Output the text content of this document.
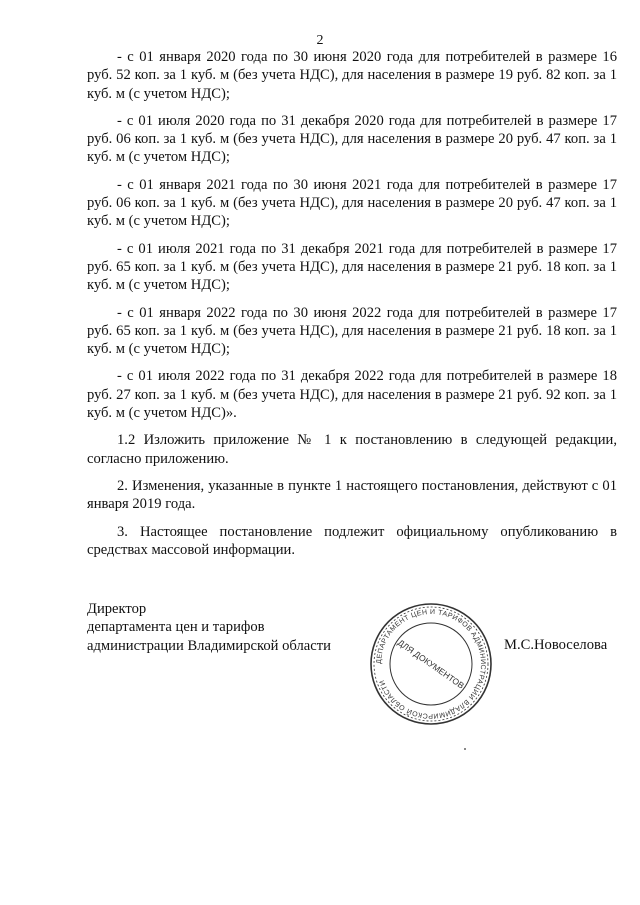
2

- с 01 января 2020 года по 30 июня 2020 года для потребителей в размере 16 руб. 52 коп. за 1 куб. м (без учета НДС), для населения в размере 19 руб. 82 коп. за 1 куб. м (с учетом НДС);

- с 01 июля 2020 года по 31 декабря 2020 года для потребителей в размере 17 руб. 06 коп. за 1 куб. м (без учета НДС), для населения в размере 20 руб. 47 коп. за 1 куб. м (с учетом НДС);

- с 01 января 2021 года по 30 июня 2021 года для потребителей в размере 17 руб. 06 коп. за 1 куб. м (без учета НДС), для населения в размере 20 руб. 47 коп. за 1 куб. м (с учетом НДС);

- с 01 июля 2021 года по 31 декабря 2021 года для потребителей в размере 17 руб. 65 коп. за 1 куб. м (без учета НДС), для населения в размере 21 руб. 18 коп. за 1 куб. м (с учетом НДС);

- с 01 января 2022 года по 30 июня 2022 года для потребителей в размере 17 руб. 65 коп. за 1 куб. м (без учета НДС), для населения в размере 21 руб. 18 коп. за 1 куб. м (с учетом НДС);

- с 01 июля 2022 года по 31 декабря 2022 года для потребителей в размере 18 руб. 27 коп. за 1 куб. м (без учета НДС), для населения в размере 21 руб. 92 коп. за 1 куб. м (с учетом НДС)».

1.2 Изложить приложение № 1 к постановлению в следующей редакции, согласно приложению.

2. Изменения, указанные в пункте 1 настоящего постановления, действуют с 01 января 2019 года.

3. Настоящее постановление подлежит официальному опубликованию в средствах массовой информации.

Директор
департамента цен и тарифов
администрации Владимирской области	М.С.Новоселова
ДЕПАРТАМЕНТ ЦЕН И ТАРИФОВ АДМИНИСТРАЦИИ ВЛАДИМИРСКОЙ ОБЛАСТИ	ДЛЯ ДОКУМЕНТОВ
